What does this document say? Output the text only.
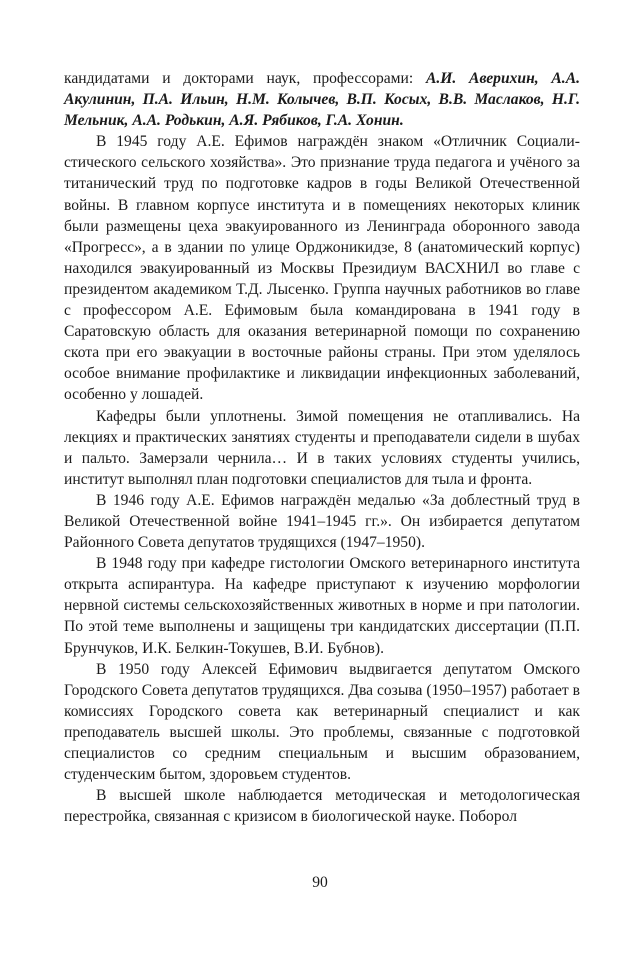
кандидатами и докторами наук, профессорами: А.И. Аверихин, А.А. Акулинин, П.А. Ильин, Н.М. Колычев, В.П. Косых, В.В. Маслаков, Н.Г. Мельник, А.А. Родькин, А.Я. Рябиков, Г.А. Хонин.

В 1945 году А.Е. Ефимов награждён знаком «Отличник Социалистического сельского хозяйства». Это признание труда педагога и учёного за титанический труд по подготовке кадров в годы Великой Отечественной войны. В главном корпусе института и в помещениях некоторых клиник были размещены цеха эвакуированного из Ленинграда оборонного завода «Прогресс», а в здании по улице Орджоникидзе, 8 (анатомический корпус) находился эвакуированный из Москвы Президиум ВАСХНИЛ во главе с президентом академиком Т.Д. Лысенко. Группа научных работников во главе с профессором А.Е. Ефимовым была командирована в 1941 году в Саратовскую область для оказания ветеринарной помощи по сохранению скота при его эвакуации в восточные районы страны. При этом уделялось особое внимание профилактике и ликвидации инфекционных заболеваний, особенно у лошадей.

Кафедры были уплотнены. Зимой помещения не отапливались. На лекциях и практических занятиях студенты и преподаватели сидели в шубах и пальто. Замерзали чернила… И в таких условиях студенты учились, институт выполнял план подготовки специалистов для тыла и фронта.

В 1946 году А.Е. Ефимов награждён медалью «За доблестный труд в Великой Отечественной войне 1941–1945 гг.». Он избирается депутатом Районного Совета депутатов трудящихся (1947–1950).

В 1948 году при кафедре гистологии Омского ветеринарного института открыта аспирантура. На кафедре приступают к изучению морфологии нервной системы сельскохозяйственных животных в норме и при патологии. По этой теме выполнены и защищены три кандидатских диссертации (П.П. Брунчуков, И.К. Белкин-Токушев, В.И. Бубнов).

В 1950 году Алексей Ефимович выдвигается депутатом Омского Городского Совета депутатов трудящихся. Два созыва (1950–1957) работает в комиссиях Городского совета как ветеринарный специалист и как преподаватель высшей школы. Это проблемы, связанные с подготовкой специалистов со средним специальным и высшим образованием, студенческим бытом, здоровьем студентов.

В высшей школе наблюдается методическая и методологическая перестройка, связанная с кризисом в биологической науке. Поборол

90
